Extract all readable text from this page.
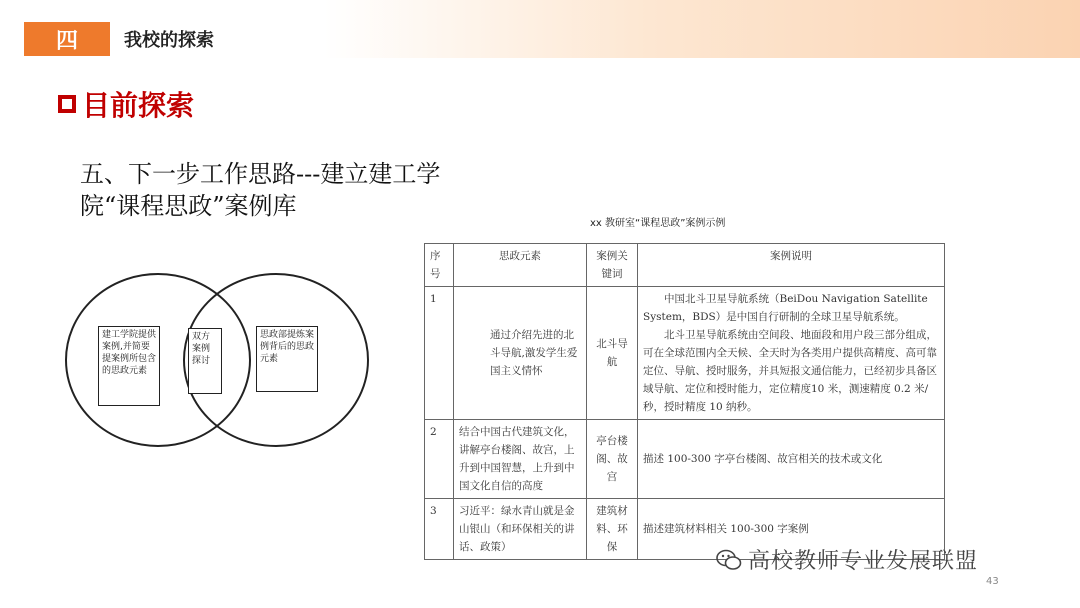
四	我校的探索
目前探索
五、下一步工作思路---建立建工学院“课程思政”案例库
xx 教研室“课程思政”案例示例
建工学院提供案例,并简要提案例所包含的思政元素
双方案例探讨
思政部提炼案例背后的思政元素
序号	思政元素	案例关键词	案例说明
1	通过介绍先进的北斗导航,激发学生爱国主义情怀	北斗导航	中国北斗卫星导航系统（BeiDou Navigation Satellite System，BDS）是中国自行研制的全球卫星导航系统。
北斗卫星导航系统由空间段、地面段和用户段三部分组成，可在全球范围内全天候、全天时为各类用户提供高精度、高可靠定位、导航、授时服务，并具短报文通信能力，已经初步具备区域导航、定位和授时能力，定位精度10 米，测速精度 0.2 米/秒，授时精度 10 纳秒。

2	结合中国古代建筑文化，讲解亭台楼阁、故宫，上升到中国智慧，上升到中国文化自信的高度	亭台楼阁、故宫	描述 100-300 字亭台楼阁、故宫相关的技术或文化
3	习近平：绿水青山就是金山银山（和环保相关的讲话、政策）	建筑材料、环保	描述建筑材料相关 100-300 字案例
高校教师专业发展联盟
43
